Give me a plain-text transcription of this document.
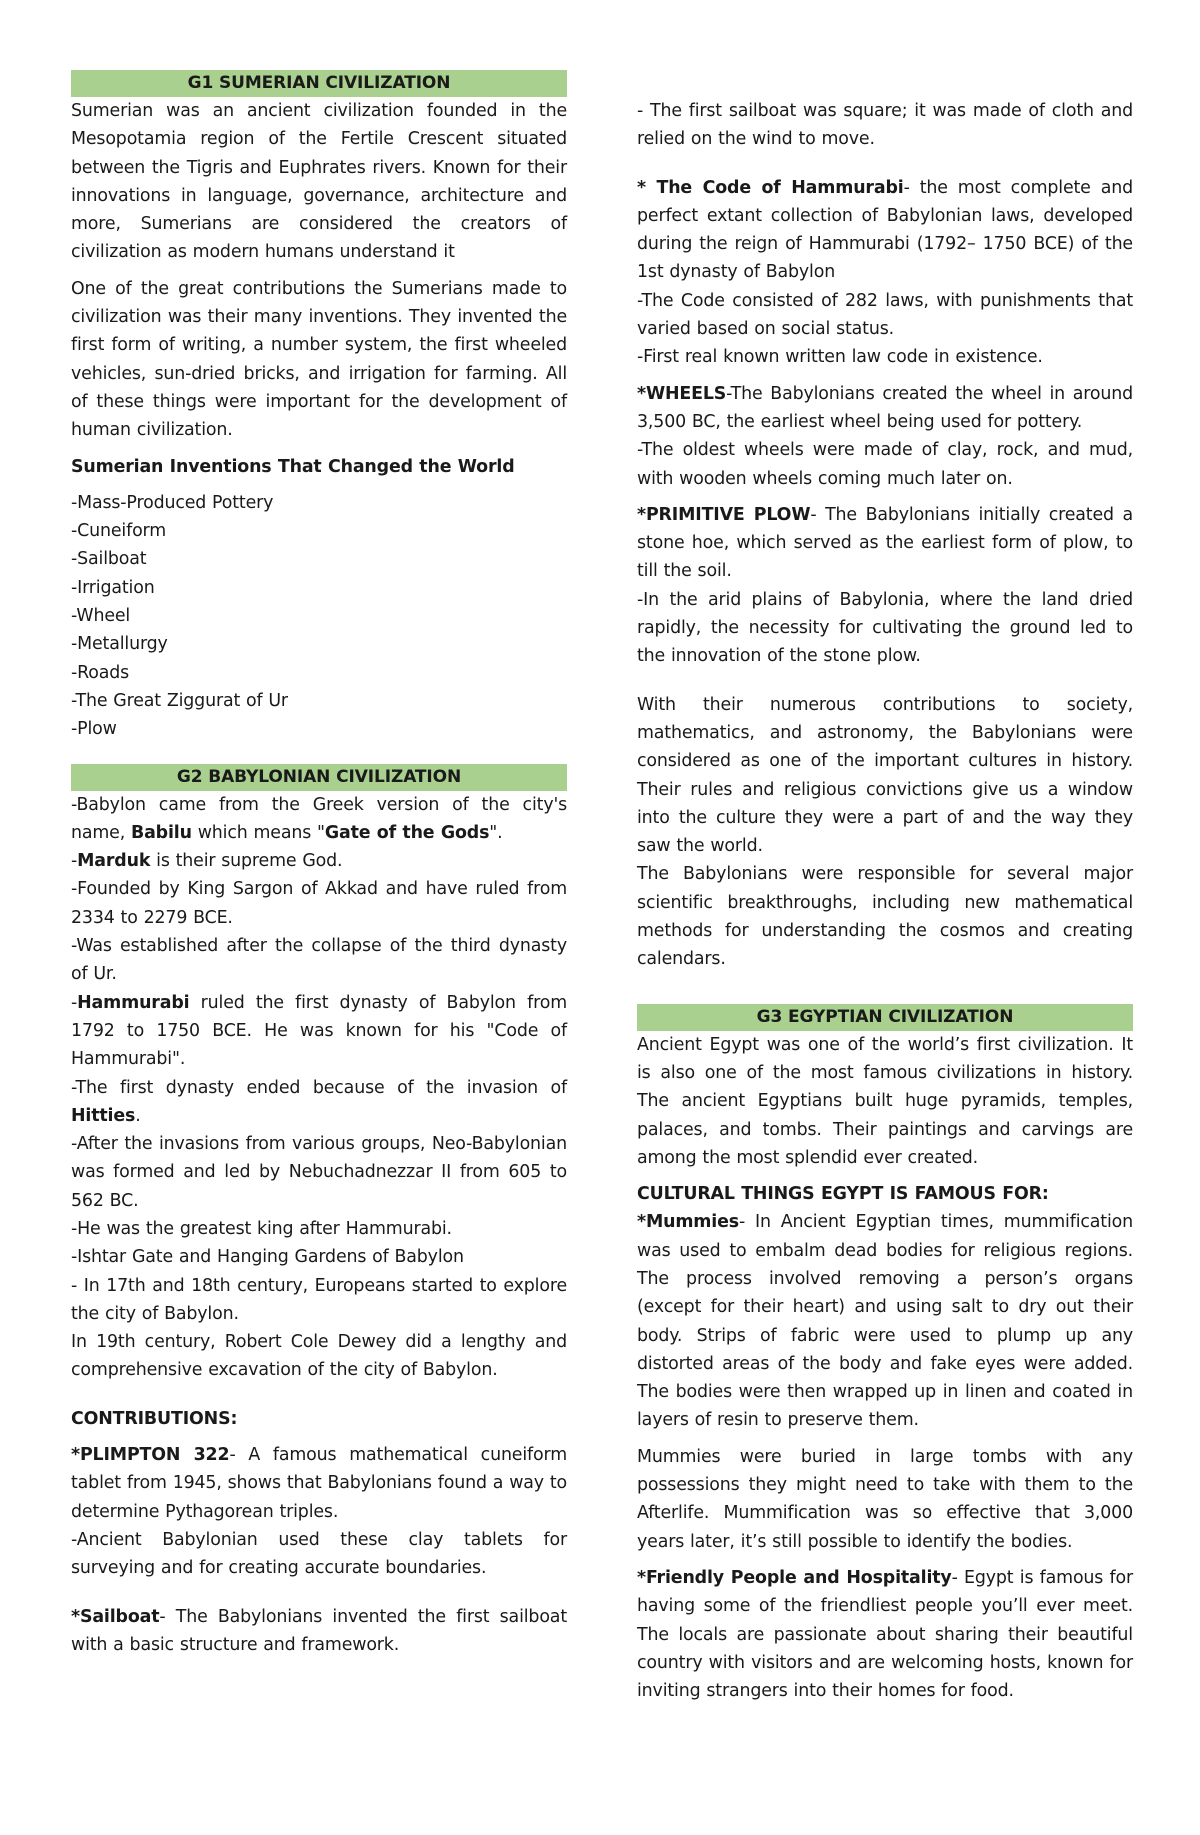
G1 SUMERIAN CIVILIZATION

Sumerian was an ancient civilization founded in the Mesopotamia region of the Fertile Crescent situated between the Tigris and Euphrates rivers. Known for their innovations in language, governance, architecture and more, Sumerians are considered the creators of civilization as modern humans understand it

One of the great contributions the Sumerians made to civilization was their many inventions. They invented the first form of writing, a number system, the first wheeled vehicles, sun-dried bricks, and irrigation for farming. All of these things were important for the development of human civilization.

Sumerian Inventions That Changed the World

-Mass-Produced Pottery
-Cuneiform
-Sailboat
-Irrigation
-Wheel
-Metallurgy
-Roads
-The Great Ziggurat of Ur
-Plow
G2 BABYLONIAN CIVILIZATION

-Babylon came from the Greek version of the city's name, Babilu which means "Gate of the Gods".

-Marduk is their supreme God.

-Founded by King Sargon of Akkad and have ruled from 2334 to 2279 BCE.

-Was established after the collapse of the third dynasty of Ur.

-Hammurabi ruled the first dynasty of Babylon from 1792 to 1750 BCE. He was known for his "Code of Hammurabi".

-The first dynasty ended because of the invasion of Hitties.

-After the invasions from various groups, Neo-Babylonian was formed and led by Nebuchadnezzar II from 605 to 562 BC.

-He was the greatest king after Hammurabi.

-Ishtar Gate and Hanging Gardens of Babylon

- In 17th and 18th century, Europeans started to explore the city of Babylon.

In 19th century, Robert Cole Dewey did a lengthy and comprehensive excavation of the city of Babylon.

CONTRIBUTIONS:

*PLIMPTON 322- A famous mathematical cuneiform tablet from 1945, shows that Babylonians found a way to determine Pythagorean triples.

-Ancient Babylonian used these clay tablets for surveying and for creating accurate boundaries.

*Sailboat- The Babylonians invented the first sailboat with a basic structure and framework.

- The first sailboat was square; it was made of cloth and relied on the wind to move.

* The Code of Hammurabi- the most complete and perfect extant collection of Babylonian laws, developed during the reign of Hammurabi (1792– 1750 BCE) of the 1st dynasty of Babylon

-The Code consisted of 282 laws, with punishments that varied based on social status.

-First real known written law code in existence.

*WHEELS-The Babylonians created the wheel in around 3,500 BC, the earliest wheel being used for pottery.

-The oldest wheels were made of clay, rock, and mud, with wooden wheels coming much later on.

*PRIMITIVE PLOW- The Babylonians initially created a stone hoe, which served as the earliest form of plow, to till the soil.

-In the arid plains of Babylonia, where the land dried rapidly, the necessity for cultivating the ground led to the innovation of the stone plow.

With their numerous contributions to society, mathematics, and astronomy, the Babylonians were considered as one of the important cultures in history. Their rules and religious convictions give us a window into the culture they were a part of and the way they saw the world.

The Babylonians were responsible for several major scientific breakthroughs, including new mathematical methods for understanding the cosmos and creating calendars.

G3 EGYPTIAN CIVILIZATION

Ancient Egypt was one of the world’s first civilization. It is also one of the most famous civilizations in history. The ancient Egyptians built huge pyramids, temples, palaces, and tombs. Their paintings and carvings are among the most splendid ever created.

CULTURAL THINGS EGYPT IS FAMOUS FOR:

*Mummies- In Ancient Egyptian times, mummification was used to embalm dead bodies for religious regions. The process involved removing a person’s organs (except for their heart) and using salt to dry out their body. Strips of fabric were used to plump up any distorted areas of the body and fake eyes were added. The bodies were then wrapped up in linen and coated in layers of resin to preserve them.

Mummies were buried in large tombs with any possessions they might need to take with them to the Afterlife. Mummification was so effective that 3,000 years later, it’s still possible to identify the bodies.

*Friendly People and Hospitality- Egypt is famous for having some of the friendliest people you’ll ever meet. The locals are passionate about sharing their beautiful country with visitors and are welcoming hosts, known for inviting strangers into their homes for food.
